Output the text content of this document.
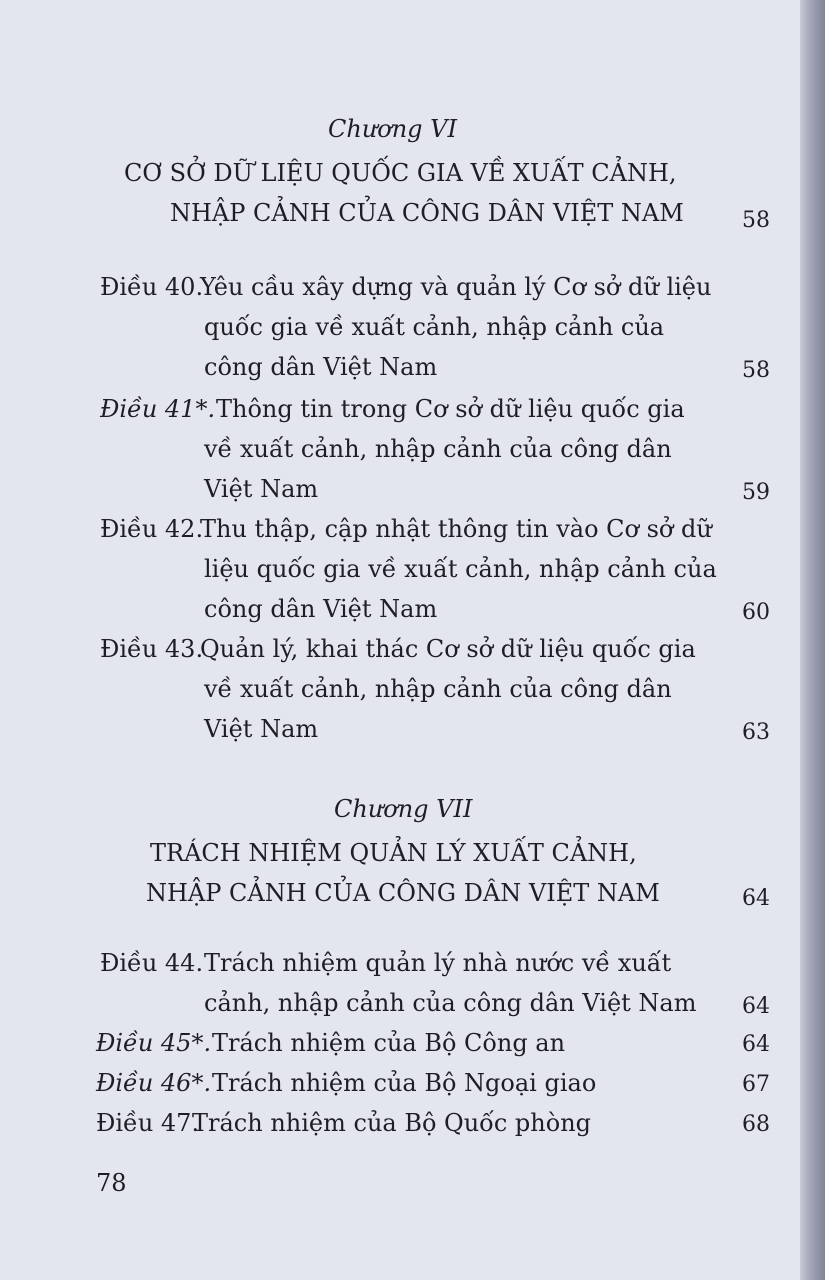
Chương VI
CƠ SỞ DỮ LIỆU QUỐC GIA VỀ XUẤT CẢNH,
NHẬP CẢNH CỦA CÔNG DÂN VIỆT NAM	58
Điều 40.
Yêu cầu xây dựng và quản lý Cơ sở dữ liệu
quốc gia về xuất cảnh, nhập cảnh của
công dân Việt Nam	58
Điều 41*. Thông tin trong Cơ sở dữ liệu quốc gia
về xuất cảnh, nhập cảnh của công dân
Việt Nam	59
Điều 42.
Thu thập, cập nhật thông tin vào Cơ sở dữ
liệu quốc gia về xuất cảnh, nhập cảnh của
công dân Việt Nam	60
Điều 43.
Quản lý, khai thác Cơ sở dữ liệu quốc gia
về xuất cảnh, nhập cảnh của công dân
Việt Nam	63
Chương VII
TRÁCH NHIỆM QUẢN LÝ XUẤT CẢNH,
NHẬP CẢNH CỦA CÔNG DÂN VIỆT NAM	64
Điều 44. Trách nhiệm quản lý nhà nước về xuất
cảnh, nhập cảnh của công dân Việt Nam	64
Điều 45*. Trách nhiệm của Bộ Công an	64
Điều 46*. Trách nhiệm của Bộ Ngoại giao	67
Điều 47.
Trách nhiệm của Bộ Quốc phòng	68
78
